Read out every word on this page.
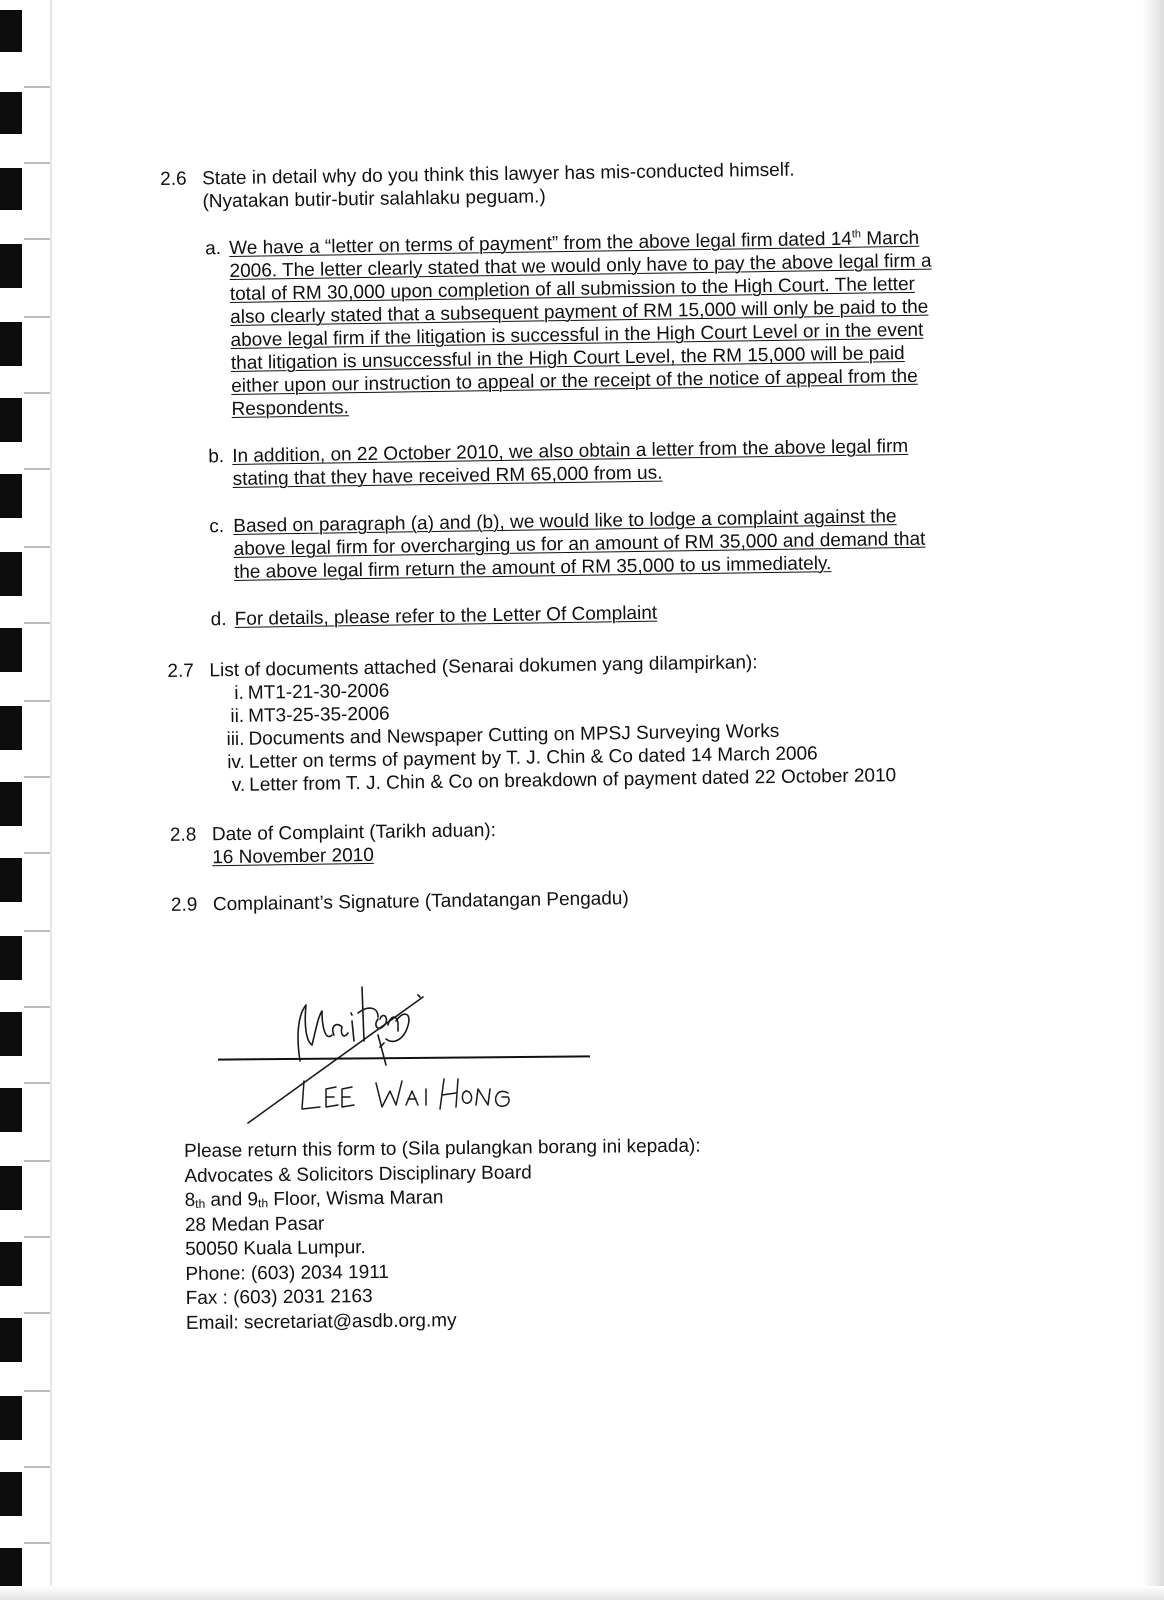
2.6 State in detail why do you think this lawyer has mis-conducted himself.
(Nyatakan butir-butir salahlaku peguam.)
a. We have a “letter on terms of payment” from the above legal firm dated 14th March 2006. The letter clearly stated that we would only have to pay the above legal firm a total of RM 30,000 upon completion of all submission to the High Court. The letter also clearly stated that a subsequent payment of RM 15,000 will only be paid to the above legal firm if the litigation is successful in the High Court Level or in the event that litigation is unsuccessful in the High Court Level, the RM 15,000 will be paid either upon our instruction to appeal or the receipt of the notice of appeal from the Respondents.
b. In addition, on 22 October 2010, we also obtain a letter from the above legal firm stating that they have received RM 65,000 from us.
c. Based on paragraph (a) and (b), we would like to lodge a complaint against the above legal firm for overcharging us for an amount of RM 35,000 and demand that the above legal firm return the amount of RM 35,000 to us immediately.
d. For details, please refer to the Letter Of Complaint
2.7 List of documents attached (Senarai dokumen yang dilampirkan):
i. MT1-21-30-2006
ii. MT3-25-35-2006
iii. Documents and Newspaper Cutting on MPSJ Surveying Works
iv. Letter on terms of payment by T. J. Chin & Co dated 14 March 2006
v. Letter from T. J. Chin & Co on breakdown of payment dated 22 October 2010
2.8 Date of Complaint (Tarikh aduan):
16 November 2010
2.9 Complainant’s Signature (Tandatangan Pengadu)
Wai Hong
Please return this form to (Sila pulangkan borang ini kepada):
Advocates & Solicitors Disciplinary Board
$8_{th}$ and $9_{th}$ Floor, Wisma Maran
28 Medan Pasar
50050 Kuala Lumpur.
Phone: (603) 2034 1911
Fax : (603) 2031 2163
Email: secretariat@asdb.org.my
